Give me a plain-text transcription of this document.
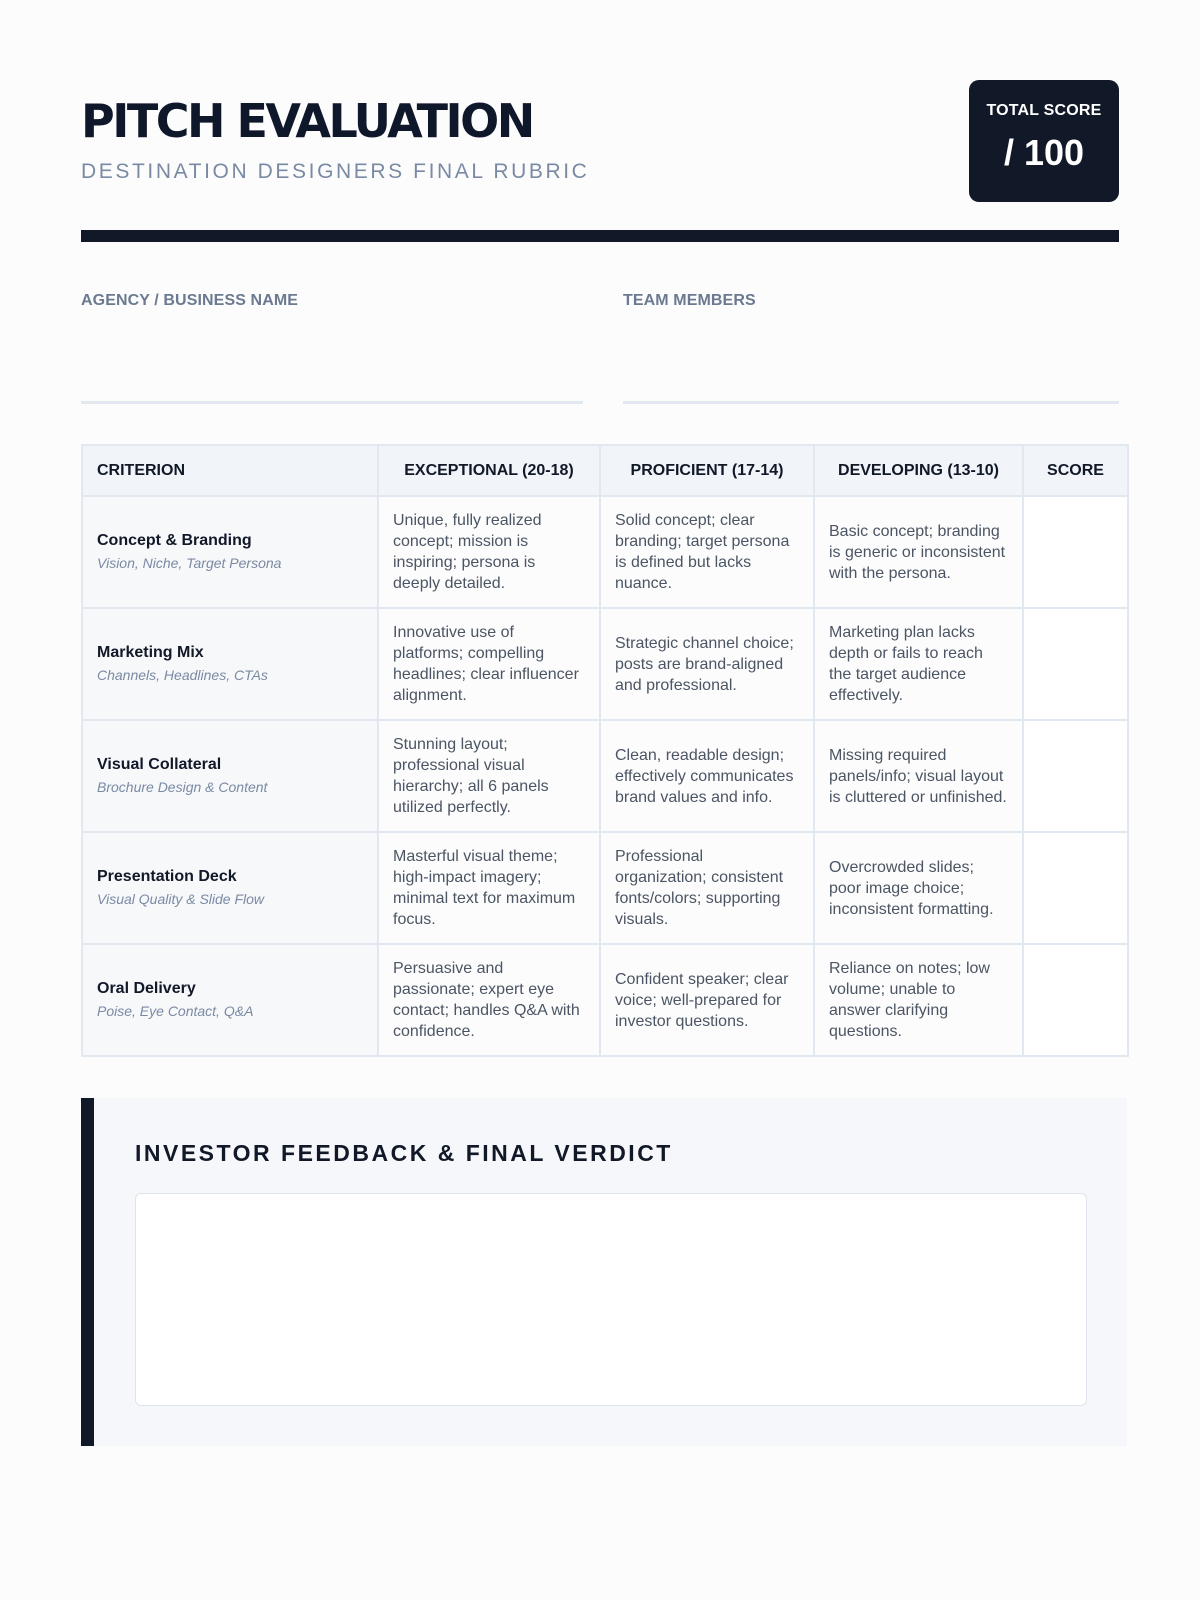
PITCH EVALUATION
DESTINATION DESIGNERS FINAL RUBRIC
TOTAL SCORE
/ 100
AGENCY / BUSINESS NAME	TEAM MEMBERS
CRITERION	EXCEPTIONAL (20-18)	PROFICIENT (17-14)	DEVELOPING (13-10)	SCORE

Concept & Branding
Vision, Niche, Target Persona	Unique, fully realized concept; mission is inspiring; persona is deeply detailed.	Solid concept; clear branding; target persona is defined but lacks nuance.	Basic concept; branding is generic or inconsistent with the persona.	

Marketing Mix
Channels, Headlines, CTAs	Innovative use of platforms; compelling headlines; clear influencer alignment.	Strategic channel choice; posts are brand-aligned and professional.	Marketing plan lacks depth or fails to reach the target audience effectively.	

Visual Collateral
Brochure Design & Content	Stunning layout; professional visual hierarchy; all 6 panels utilized perfectly.	Clean, readable design; effectively communicates brand values and info.	Missing required panels/info; visual layout is cluttered or unfinished.	

Presentation Deck
Visual Quality & Slide Flow	Masterful visual theme; high-impact imagery; minimal text for maximum focus.	Professional organization; consistent fonts/colors; supporting visuals.	Overcrowded slides; poor image choice; inconsistent formatting.	

Oral Delivery
Poise, Eye Contact, Q&A	Persuasive and passionate; expert eye contact; handles Q&A with confidence.	Confident speaker; clear voice; well-prepared for investor questions.	Reliance on notes; low volume; unable to answer clarifying questions.	
INVESTOR FEEDBACK & FINAL VERDICT
